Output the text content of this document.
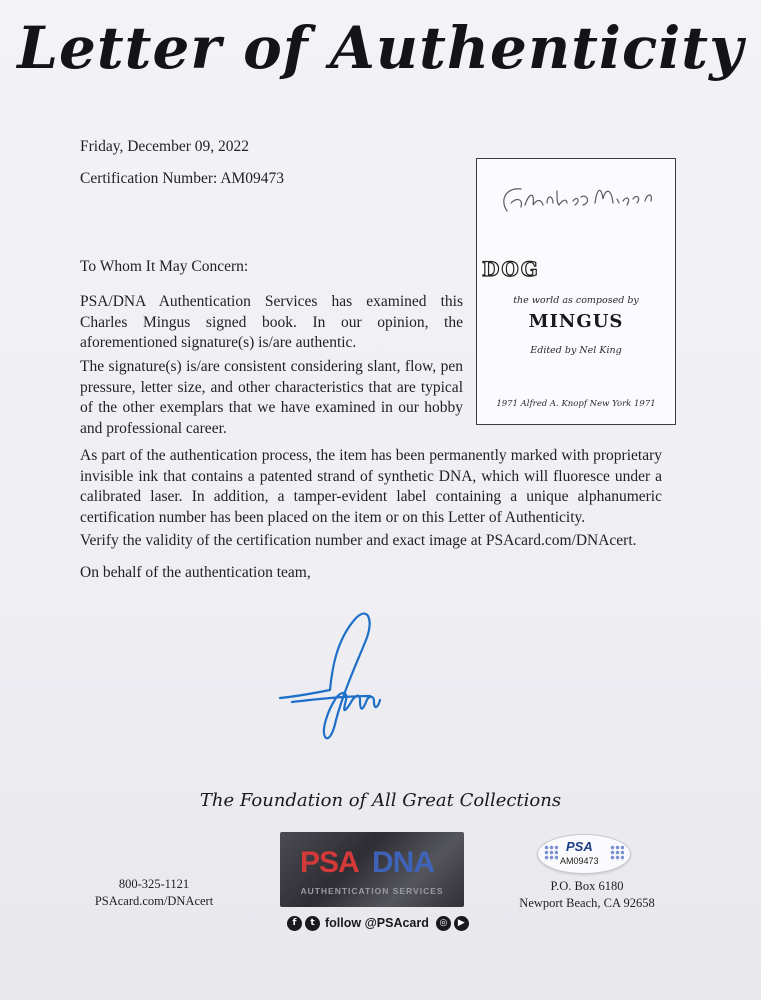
Letter of Authenticity
Friday, December 09, 2022
Certification Number: AM09473
To Whom It May Concern:

PSA/DNA Authentication Services has examined this Charles Mingus signed book. In our opinion, the aforementioned signature(s) is/are authentic.

The signature(s) is/are consistent considering slant, flow, pen pressure, letter size, and other characteristics that are typical of the other exemplars that we have examined in our hobby and professional career.

As part of the authentication process, the item has been permanently marked with proprietary invisible ink that contains a patented strand of synthetic DNA, which will fluoresce under a calibrated laser. In addition, a tamper-evident label containing a unique alphanumeric certification number has been placed on the item or on this Letter of Authenticity.

Verify the validity of the certification number and exact image at PSAcard.com/DNAcert.

On behalf of the authentication team,

DOG
the world as composed by
MINGUS
Edited by Nel King
1971 Alfred A. Knopf New York 1971
The Foundation of All Great Collections
800-325-1121
PSAcard.com/DNAcert
PSA DNA
AUTHENTICATION SERVICES
f	t follow @PSAcard	◎	▶
PSA
AM09473
P.O. Box 6180
Newport Beach, CA 92658
